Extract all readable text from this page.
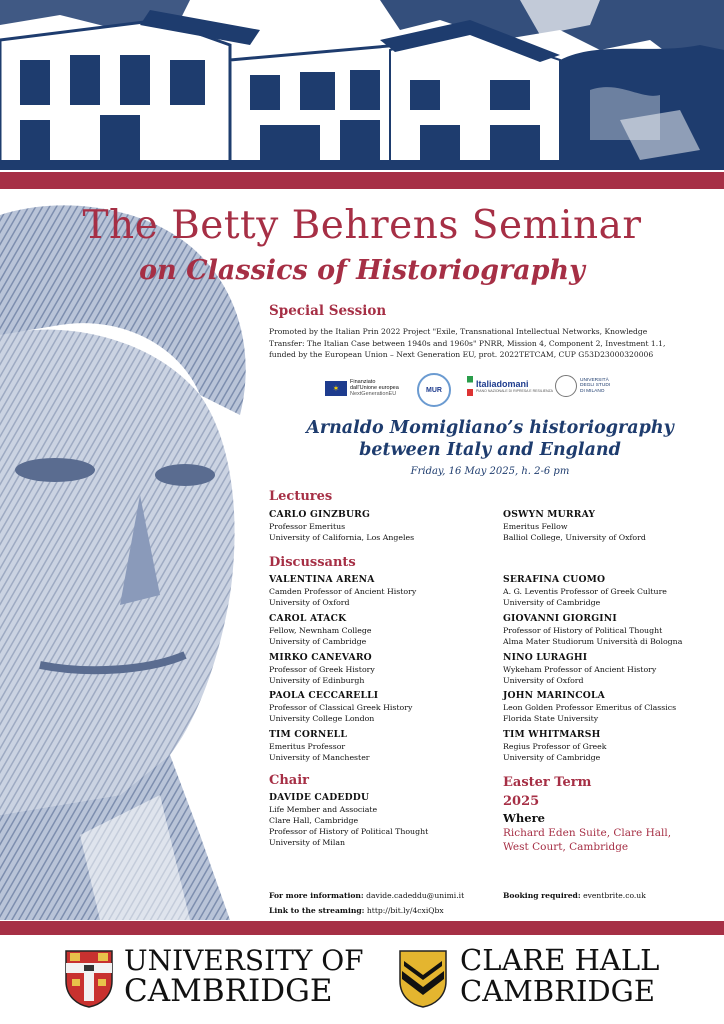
The Betty Behrens Seminar
on Classics of Historiography
Special Session
Promoted by the Italian Prin 2022 Project "Exile, Transnational Intellectual Networks, Knowledge
Transfer: The Italian Case between 1940s and 1960s" PNRR, Mission 4, Component 2, Investment 1.1,
funded by the European Union – Next Generation EU, prot. 2022TETCAM, CUP G53D23000320006
✶
Finanziato
dall'Unione europea
NextGenerationEU
MUR
Italiadomani
PIANO NAZIONALE DI RIPRESA E RESILIENZA
UNIVERSITÀ
DEGLI STUDI
DI MILANO
Arnaldo Momigliano’s historiography
between Italy and England
Friday, 16 May 2025, h. 2-6 pm
Lectures
CARLO GINZBURG
Professor Emeritus
University of California, Los Angeles
OSWYN MURRAY
Emeritus Fellow
Balliol College, University of Oxford
Discussants
VALENTINA ARENA
Camden Professor of Ancient History
University of Oxford
CAROL ATACK
Fellow, Newnham College
University of Cambridge
MIRKO CANEVARO
Professor of Greek History
University of Edinburgh
PAOLA CECCARELLI
Professor of Classical Greek History
University College London
TIM CORNELL
Emeritus Professor
University of Manchester
SERAFINA CUOMO
A. G. Leventis Professor of Greek Culture
University of Cambridge
GIOVANNI GIORGINI
Professor of History of Political Thought
Alma Mater Studiorum Università di Bologna
NINO LURAGHI
Wykeham Professor of Ancient History
University of Oxford
JOHN MARINCOLA
Leon Golden Professor Emeritus of Classics
Florida State University
TIM WHITMARSH
Regius Professor of Greek
University of Cambridge
Chair
DAVIDE CADEDDU
Life Member and Associate
Clare Hall, Cambridge
Professor of History of Political Thought
University of Milan
Easter Term
2025
Where
Richard Eden Suite, Clare Hall,
West Court, Cambridge
For more information: davide.cadeddu@unimi.it
Link to the streaming: http://bit.ly/4cxiQbx
Booking required: eventbrite.co.uk
UNIVERSITY OF
CAMBRIDGE
CLARE HALL
CAMBRIDGE
